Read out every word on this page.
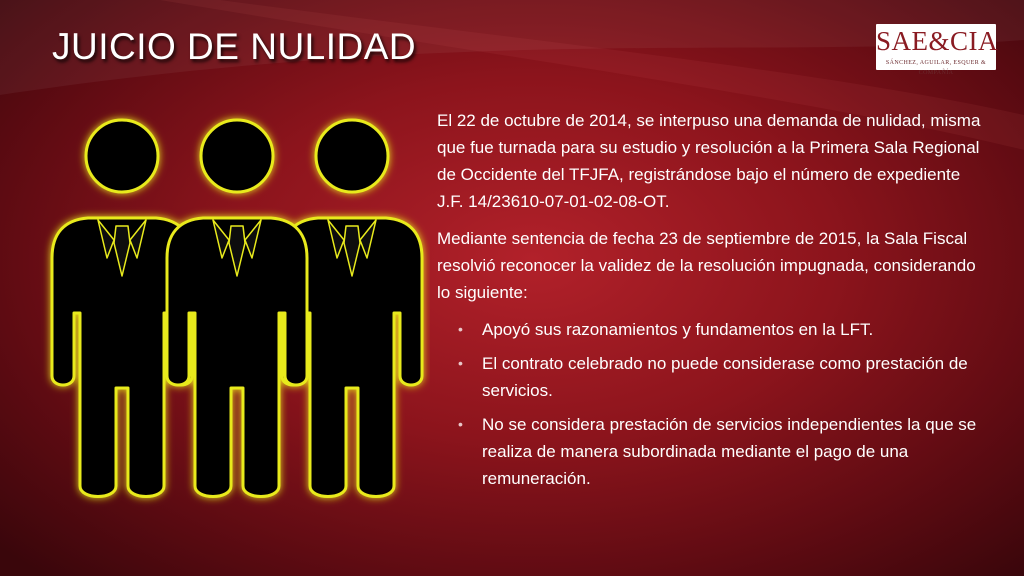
JUICIO DE NULIDAD	SAE&CIA
SÁNCHEZ, AGUILAR, ESQUER & COMPAÑÍA

El 22 de octubre de 2014, se interpuso una demanda de nulidad, misma que fue turnada para su estudio y resolución a la Primera Sala Regional de Occidente del TFJFA, registrándose bajo el número de expediente J.F. 14/23610-07-01-02-08-OT.

Mediante sentencia de fecha 23 de septiembre de 2015, la Sala Fiscal resolvió reconocer la validez de la resolución impugnada, considerando lo siguiente:

• Apoyó sus razonamientos y fundamentos en la LFT.
• El contrato celebrado no puede considerase como prestación de servicios.
• No se considera prestación de servicios independientes la que se realiza de manera subordinada mediante el pago de una remuneración.
